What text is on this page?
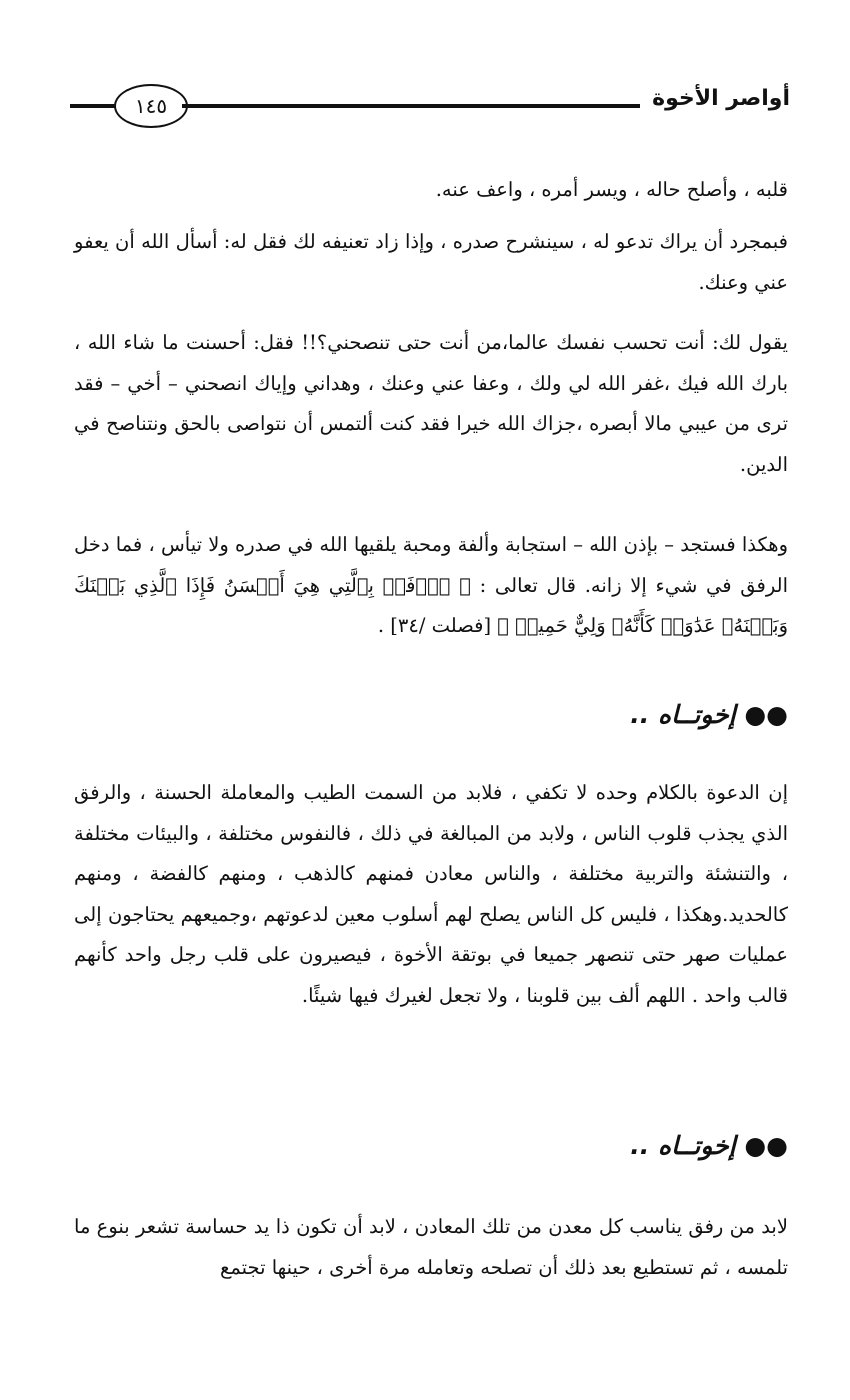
أواصر الأخوة
١٤٥

قلبه ، وأصلح حاله ، ويسر أمره ، واعف عنه.

فبمجرد أن يراك تدعو له ، سينشرح صدره ، وإذا زاد تعنيفه لك فقل له: أسأل الله أن يعفو عني وعنك.

يقول لك: أنت تحسب نفسك عالما،من أنت حتى تنصحني؟!! فقل: أحسنت ما شاء الله ، بارك الله فيك ،غفر الله لي ولك ، وعفا عني وعنك ، وهداني وإياك انصحني – أخي – فقد ترى من عيبي مالا أبصره ،جزاك الله خيرا فقد كنت ألتمس أن نتواصى بالحق ونتناصح في الدين.

وهكذا فستجد – بإذن الله – استجابة وألفة ومحبة يلقيها الله في صدره ولا تيأس ، فما دخل الرفق في شيء إلا زانه. قال تعالى : ﴿ ٱدۡفَعۡ بِٱلَّتِي هِيَ أَحۡسَنُ فَإِذَا ٱلَّذِي بَيۡنَكَ وَبَيۡنَهُۥ عَدَٰوَةٞ كَأَنَّهُۥ وَلِيٌّ حَمِيمٞ ﴾ [فصلت /٣٤] .

●● إخوتــاه ..

إن الدعوة بالكلام وحده لا تكفي ، فلابد من السمت الطيب والمعاملة الحسنة ، والرفق الذي يجذب قلوب الناس ، ولابد من المبالغة في ذلك ، فالنفوس مختلفة ، والبيئات مختلفة ، والتنشئة والتربية مختلفة ، والناس معادن فمنهم كالذهب ، ومنهم كالفضة ، ومنهم كالحديد.وهكذا ، فليس كل الناس يصلح لهم أسلوب معين لدعوتهم ،وجميعهم يحتاجون إلى عمليات صهر حتى تنصهر جميعا في بوتقة الأخوة ، فيصيرون على قلب رجل واحد كأنهم قالب واحد . اللهم ألف بين قلوبنا ، ولا تجعل لغيرك فيها شيئًا.

●● إخوتــاه ..

لابد من رفق يناسب كل معدن من تلك المعادن ، لابد أن تكون ذا يد حساسة تشعر بنوع ما تلمسه ، ثم تستطيع بعد ذلك أن تصلحه وتعامله مرة أخرى ، حينها تجتمع
